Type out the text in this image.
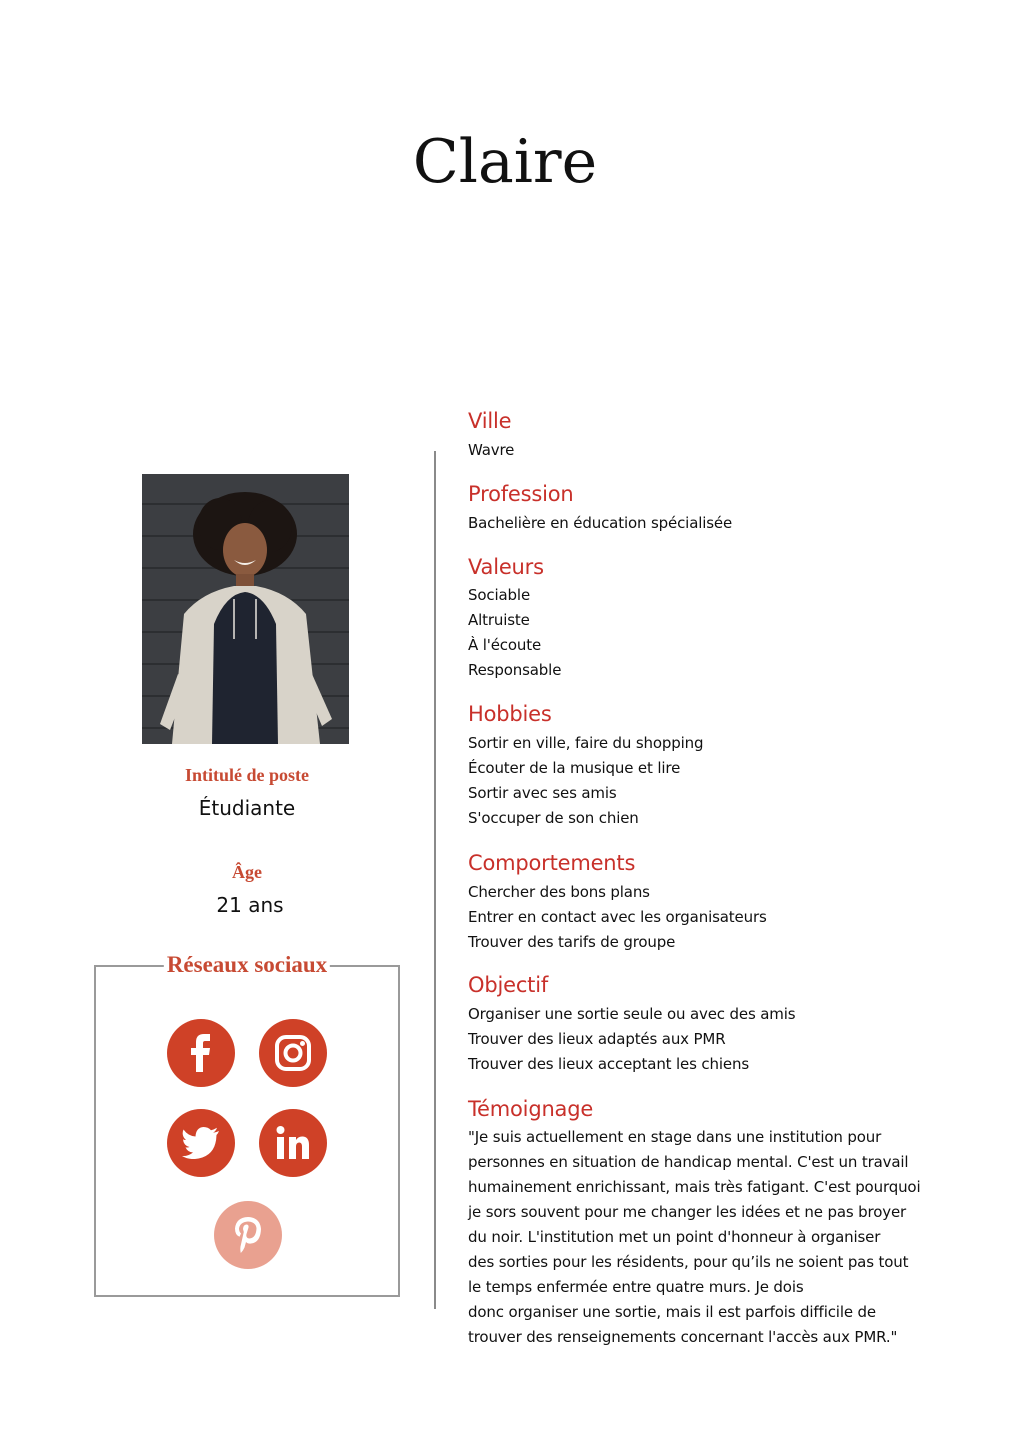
Claire
Intitulé de poste
Étudiante
Âge
21 ans
Réseaux sociaux
Ville
Wavre
Profession
Bachelière en éducation spécialisée
Valeurs
Sociable
Altruiste
À l'écoute
Responsable
Hobbies
Sortir en ville, faire du shopping
Écouter de la musique et lire
Sortir avec ses amis
S'occuper de son chien
Comportements
Chercher des bons plans
Entrer en contact avec les organisateurs
Trouver des tarifs de groupe
Objectif
Organiser une sortie seule ou avec des amis
Trouver des lieux adaptés aux PMR
Trouver des lieux acceptant les chiens
Témoignage
"Je suis actuellement en stage dans une institution pour
personnes en situation de handicap mental. C'est un travail
humainement enrichissant, mais très fatigant. C'est pourquoi
je sors souvent pour me changer les idées et ne pas broyer
du noir. L'institution met un point d'honneur à organiser
des sorties pour les résidents, pour qu’ils ne soient pas tout
le temps enfermée entre quatre murs. Je dois
donc organiser une sortie, mais il est parfois difficile de
trouver des renseignements concernant l'accès aux PMR."
